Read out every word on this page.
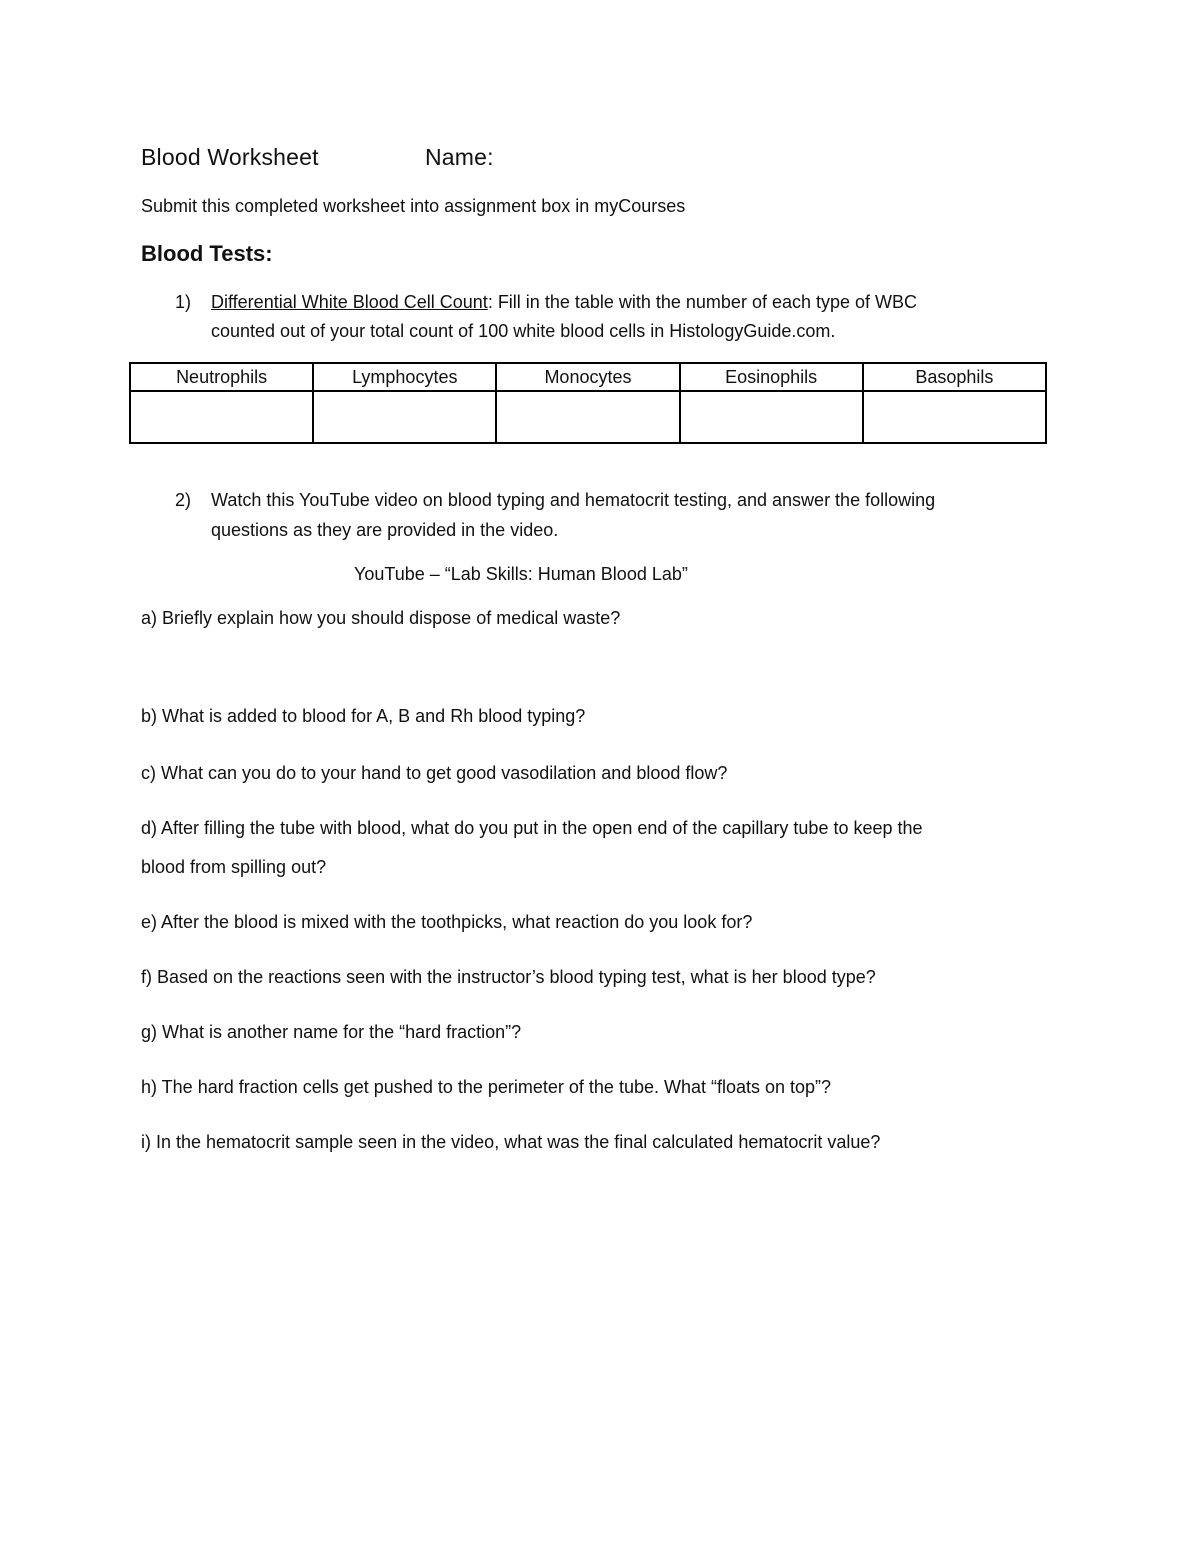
Blood Worksheet	Name:
Submit this completed worksheet into assignment box in myCourses
Blood Tests:
1) Differential White Blood Cell Count: Fill in the table with the number of each type of WBC
counted out of your total count of 100 white blood cells in HistologyGuide.com.
Neutrophils	Lymphocytes	Monocytes	Eosinophils	Basophils

2) Watch this YouTube video on blood typing and hematocrit testing, and answer the following
questions as they are provided in the video.
YouTube – “Lab Skills: Human Blood Lab”
a) Briefly explain how you should dispose of medical waste?
b) What is added to blood for A, B and Rh blood typing?
c) What can you do to your hand to get good vasodilation and blood flow?
d) After filling the tube with blood, what do you put in the open end of the capillary tube to keep the
blood from spilling out?
e) After the blood is mixed with the toothpicks, what reaction do you look for?
f) Based on the reactions seen with the instructor’s blood typing test, what is her blood type?
g) What is another name for the “hard fraction”?
h) The hard fraction cells get pushed to the perimeter of the tube. What “floats on top”?
i) In the hematocrit sample seen in the video, what was the final calculated hematocrit value?
